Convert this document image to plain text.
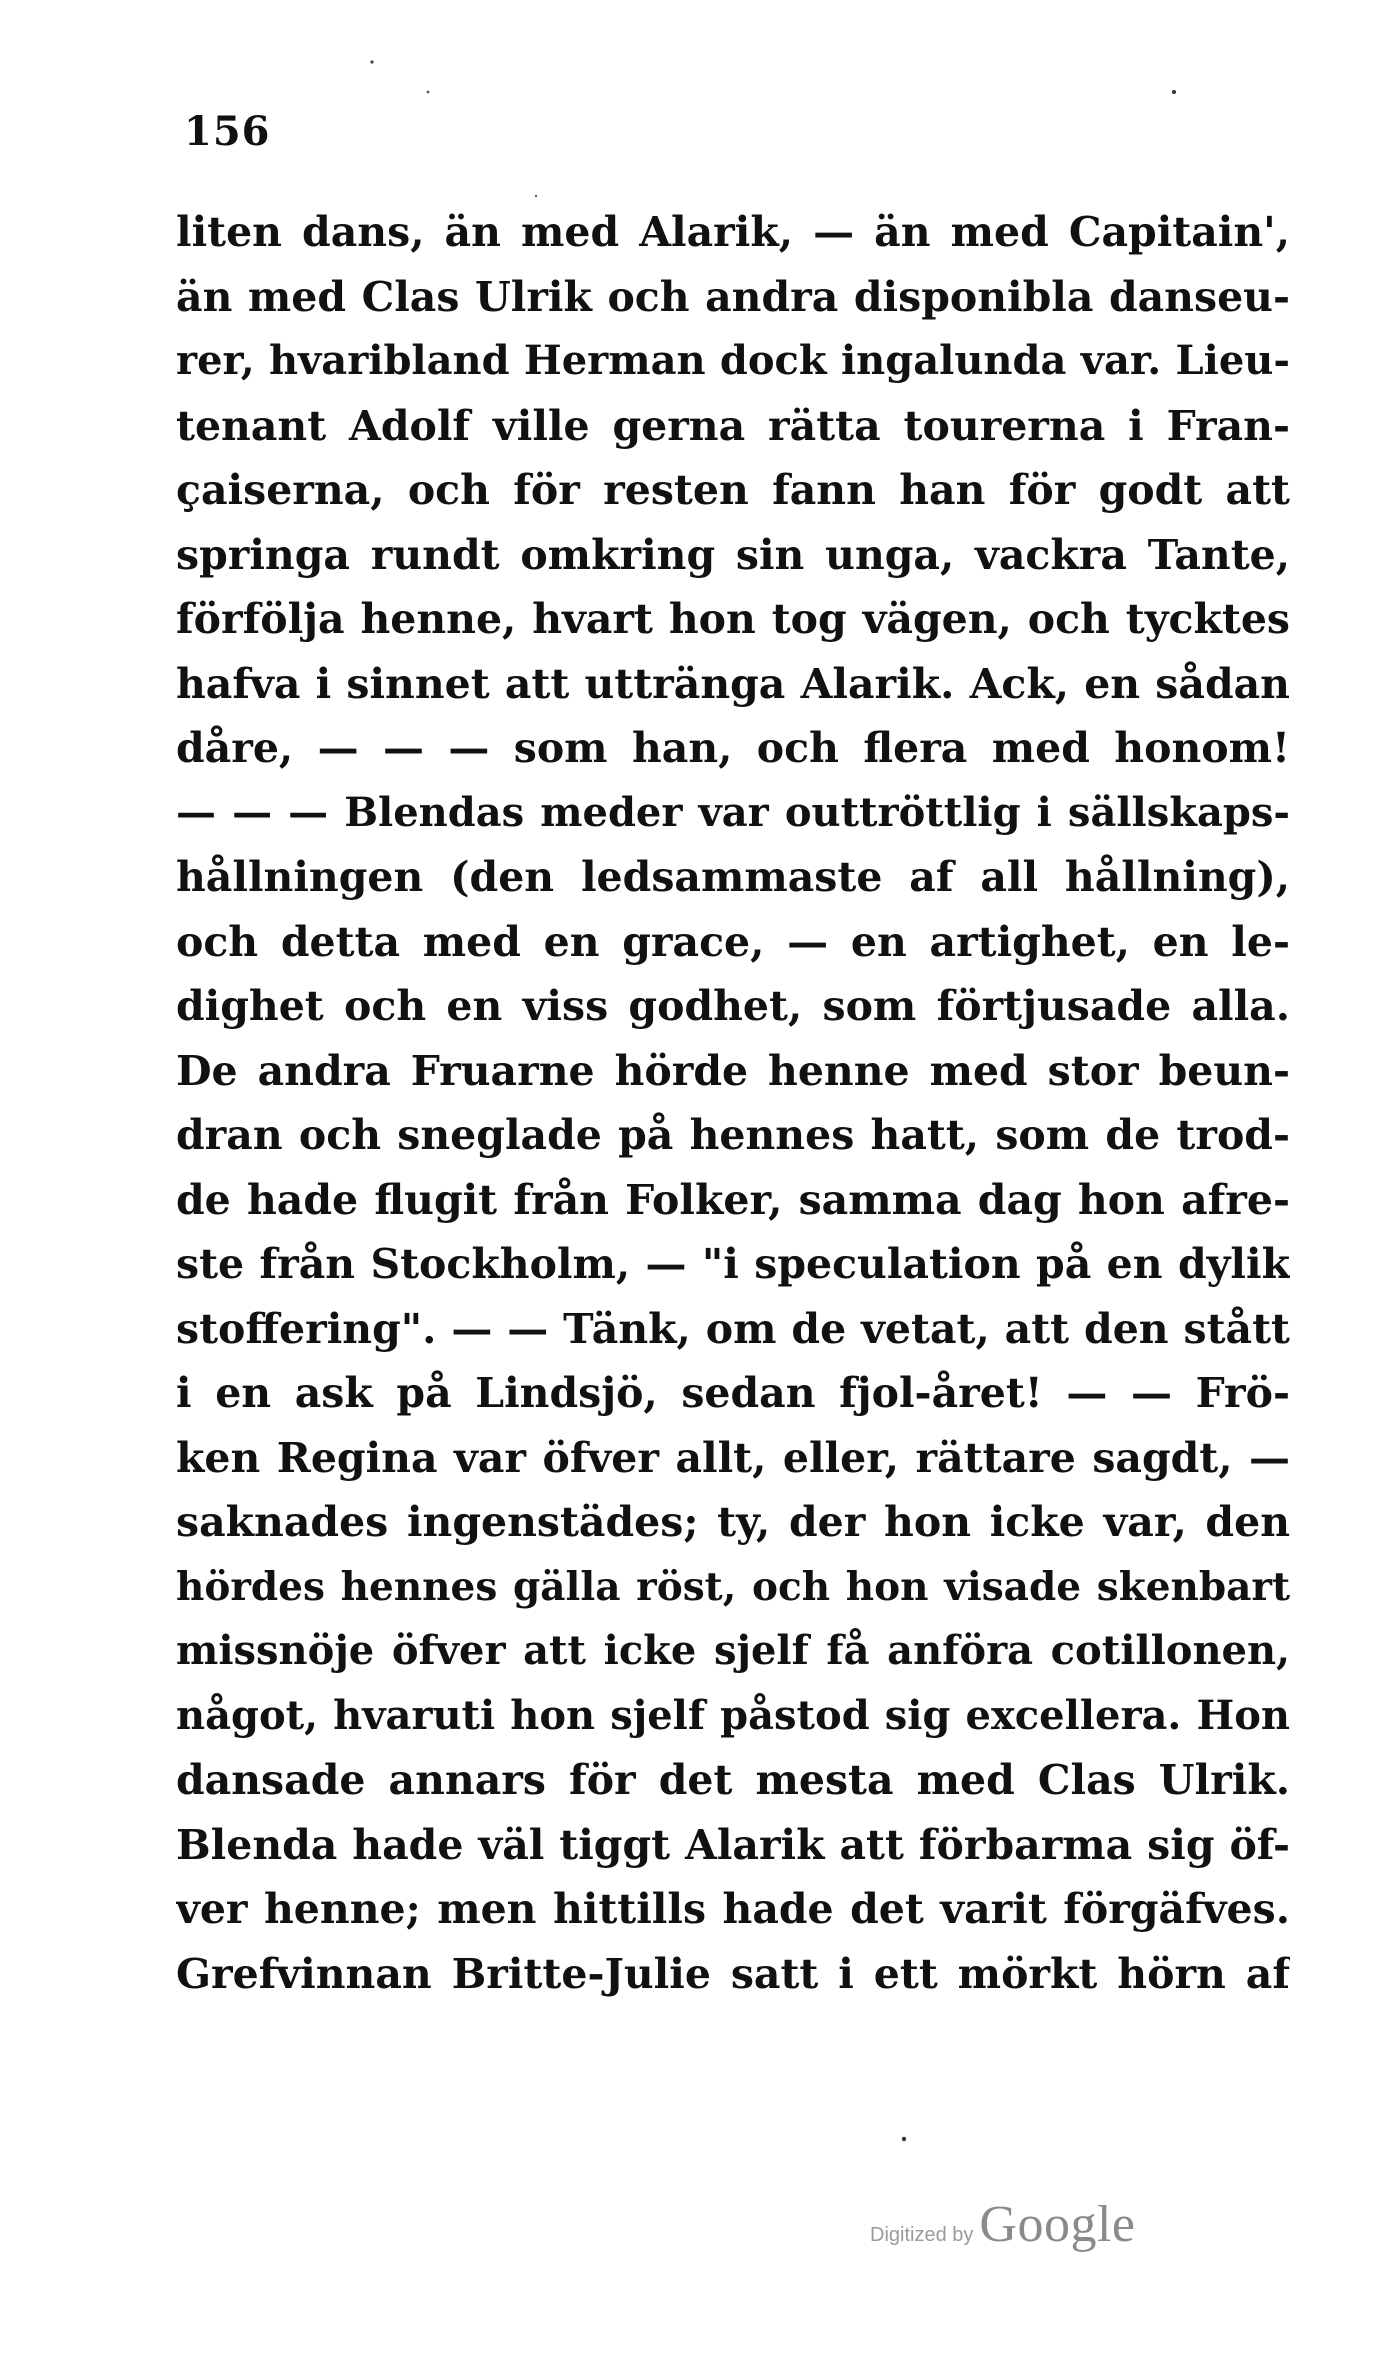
156
liten dans, än med Alarik, — än med Capitain',
än med Clas Ulrik och andra disponibla danseu-
rer, hvaribland Herman dock ingalunda var. Lieu-
tenant Adolf ville gerna rätta tourerna i Fran-
çaiserna, och för resten fann han för godt att
springa rundt omkring sin unga, vackra Tante,
förfölja henne, hvart hon tog vägen, och tycktes
hafva i sinnet att uttränga Alarik. Ack, en sådan
dåre, — — — som han, och flera med honom!
— — — Blendas meder var outtröttlig i sällskaps-
hållningen (den ledsammaste af all hållning),
och detta med en grace, — en artighet, en le-
dighet och en viss godhet, som förtjusade alla.
De andra Fruarne hörde henne med stor beun-
dran och sneglade på hennes hatt, som de trod-
de hade flugit från Folker, samma dag hon afre-
ste från Stockholm, — "i speculation på en dylik
stoffering". — — Tänk, om de vetat, att den stått
i en ask på Lindsjö, sedan fjol-året! — — Frö-
ken Regina var öfver allt, eller, rättare sagdt, —
saknades ingenstädes; ty, der hon icke var, den
hördes hennes gälla röst, och hon visade skenbart
missnöje öfver att icke sjelf få anföra cotillonen,
något, hvaruti hon sjelf påstod sig excellera. Hon
dansade annars för det mesta med Clas Ulrik.
Blenda hade väl tiggt Alarik att förbarma sig öf-
ver henne; men hittills hade det varit förgäfves.
Grefvinnan Britte-Julie satt i ett mörkt hörn af
Digitized by Google
